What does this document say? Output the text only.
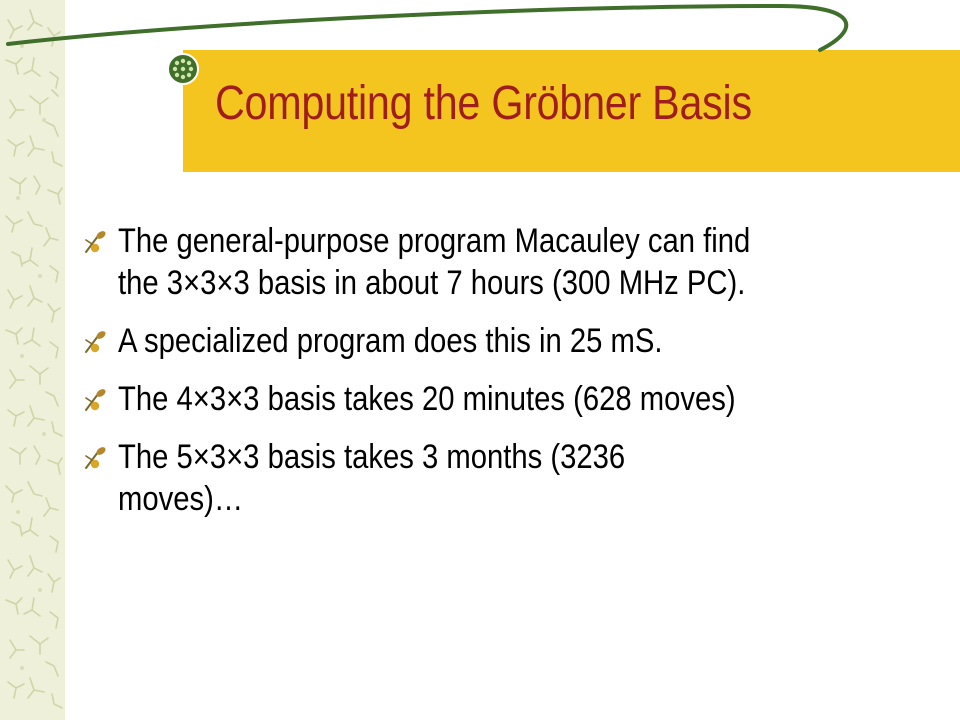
Computing the Gröbner Basis
The general-purpose program Macauley can find
the 3×3×3 basis in about 7 hours (300 MHz PC).
A specialized program does this in 25 mS.
The 4×3×3 basis takes 20 minutes (628 moves)
The 5×3×3 basis takes 3 months (3236
moves)…
